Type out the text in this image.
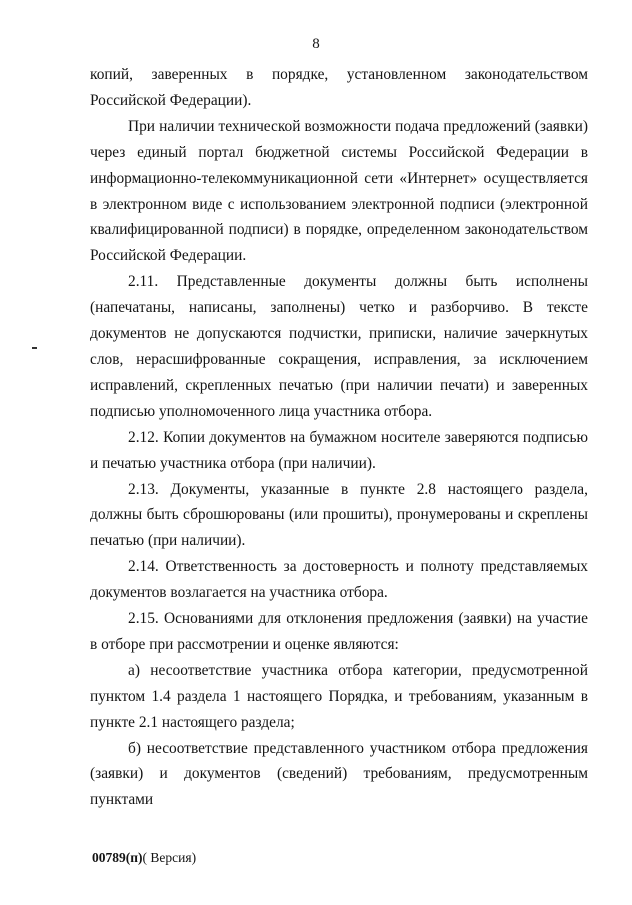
8

копий, заверенных в порядке, установленном законодательством Российской Федерации).

При наличии технической возможности подача предложений (заявки) через единый портал бюджетной системы Российской Федерации в информационно-телекоммуникационной сети «Интернет» осуществляется в электронном виде с использованием электронной подписи (электронной квалифицированной подписи) в порядке, определенном законодательством Российской Федерации.

2.11. Представленные документы должны быть исполнены (напечатаны, написаны, заполнены) четко и разборчиво. В тексте документов не допускаются подчистки, приписки, наличие зачеркнутых слов, нерасшифрованные сокращения, исправления, за исключением исправлений, скрепленных печатью (при наличии печати) и заверенных подписью уполномоченного лица участника отбора.

2.12. Копии документов на бумажном носителе заверяются подписью и печатью участника отбора (при наличии).

2.13. Документы, указанные в пункте 2.8 настоящего раздела, должны быть сброшюрованы (или прошиты), пронумерованы и скреплены печатью (при наличии).

2.14. Ответственность за достоверность и полноту представляемых документов возлагается на участника отбора.

2.15. Основаниями для отклонения предложения (заявки) на участие в отборе при рассмотрении и оценке являются:

а) несоответствие участника отбора категории, предусмотренной пунктом 1.4 раздела 1 настоящего Порядка, и требованиям, указанным в пункте 2.1 настоящего раздела;

б) несоответствие представленного участником отбора предложения (заявки) и документов (сведений) требованиям, предусмотренным пунктами

00789(п)( Версия)
